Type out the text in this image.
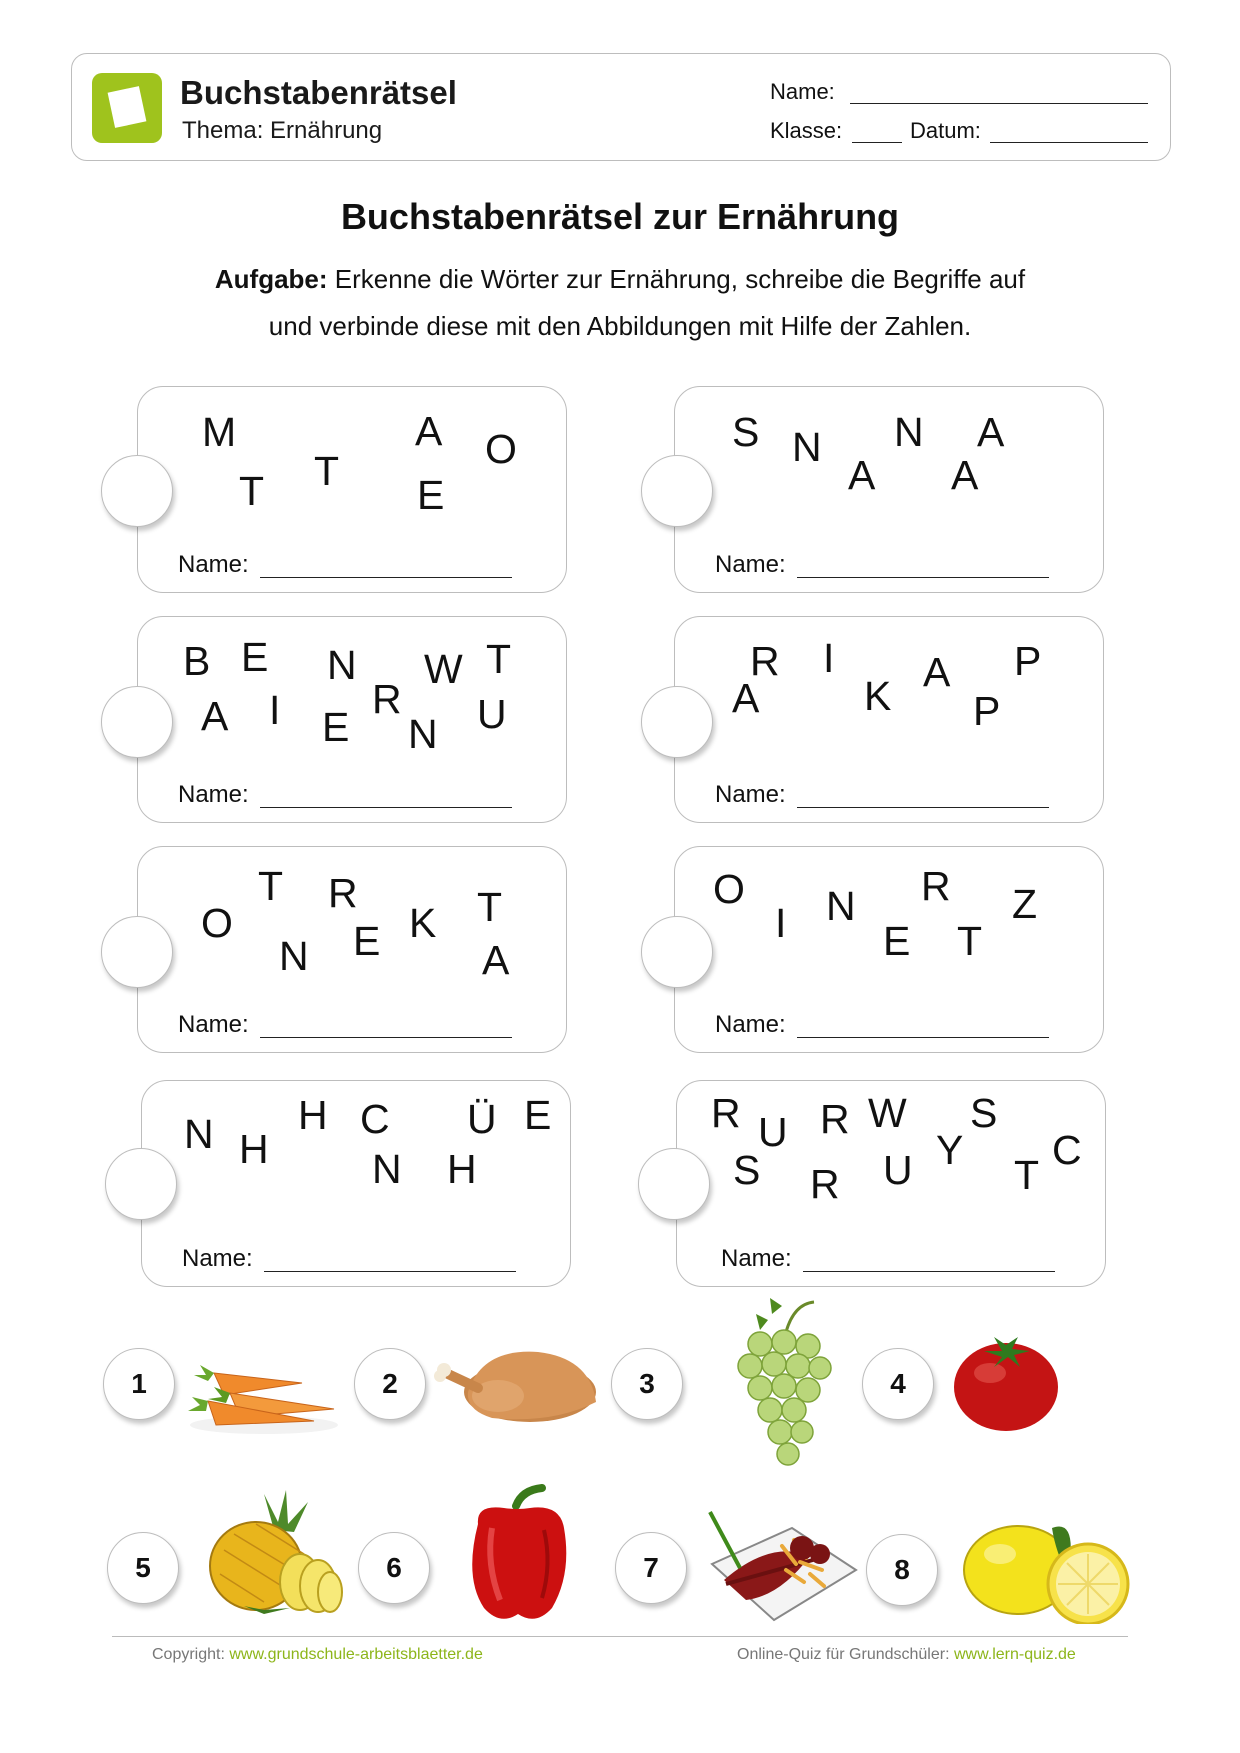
Buchstabenrätsel
Thema: Ernährung
Name:
Klasse:	Datum:
Buchstabenrätsel zur Ernährung
Aufgabe: Erkenne die Wörter zur Ernährung, schreibe die Begriffe auf
und verbinde diese mit den Abbildungen mit Hilfe der Zahlen.
M	A O
T T
E
Name:
B E N W T
A I R
E N U
Name:
T R
O	K T
N E A
Name:
H C Ü E
N H	N H
Name:
S N N A
A A
Name:
R I	P
A
A
K P
Name:
O	R
I N	Z
E T
Name:
R	W S
U R
Y C
S R U T
Name:
1	2	3	4
5	6	7	8
Copyright: www.grundschule-arbeitsblaetter.de	Online-Quiz für Grundschüler: www.lern-quiz.de
